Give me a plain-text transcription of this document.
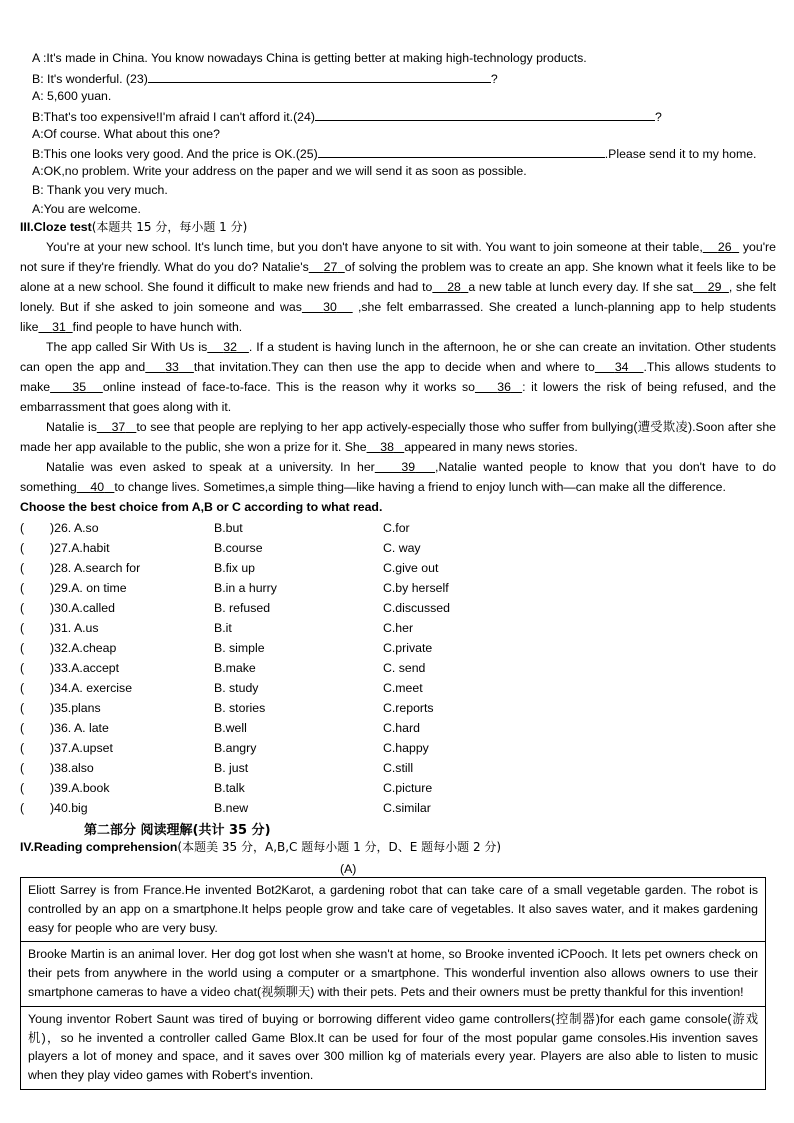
A :It's made in China. You know nowadays China is getting better at making high-technology products.
B: It's wonderful. (23)	?
A: 5,600 yuan.
B:That's too expensive!I'm afraid I can't afford it.(24)	?
A:Of course. What about this one?
B:This one looks very good. And the price is OK.(25)	.Please send it to my home.
A:OK,no problem. Write your address on the paper and we will send it as soon as possible.
B: Thank you very much.
A:You are welcome.
III.Cloze test(本题共 15 分，每小题 1 分)
You're at your new school. It's lunch time, but you don't have anyone to sit with. You want to join someone at their table, 26   you're not sure if they're friendly. What do you do? Natalie's 27 of solving the problem was to create an app. She known what it feels like to be alone at a new school. She found it difficult to make new friends and had to 28 a new table at lunch every day. If she sat 29 , she felt lonely. But if she asked to join someone and was 30    ,she felt embarrassed. She created a lunch-planning app to help students like 31 find people to have hunch with.
The app called Sir With Us is 32 . If a student is having lunch in the afternoon, he or she can create an invitation. Other students can open the app and 33 that invitation.They can then use the app to decide when and where to 34 .This allows students to make 35 online instead of face-to-face. This is the reason why it works so 36 : it lowers the risk of being refused, and the embarrassment that goes along with it.
Natalie is 37 to see that people are replying to her app actively-especially those who suffer from bullying(遭受欺凌).Soon after she made her app available to the public, she won a prize for it. She 38 appeared in many news stories.
Natalie was even asked to speak at a university. In her 39 ,Natalie wanted people to know that you don't have to do something 40 to change lives. Sometimes,a simple thing—like having a friend to enjoy lunch with—can make all the difference.
Choose the best choice from A,B or C according to what read.
( )26. A.so	B.but	C.for
( )27.A.habit	B.course	C. way
( )28. A.search for	B.fix up	C.give out
( )29.A. on time	B.in a hurry	C.by herself
( )30.A.called	B. refused	C.discussed
( )31. A.us	B.it	C.her
( )32.A.cheap	B. simple	C.private
( )33.A.accept	B.make	C. send
( )34.A. exercise	B. study	C.meet
( )35.plans	B. stories	C.reports
( )36. A. late	B.well	C.hard
( )37.A.upset	B.angry	C.happy
( )38.also	B. just	C.still
( )39.A.book	B.talk	C.picture
( )40.big	B.new	C.similar
第二部分 阅读理解(共计 35 分)
IV.Reading comprehension(本题美 35 分，A,B,C 题每小题 1 分，D、E 题每小题 2 分)
(A)
Eliott Sarrey is from France.He invented Bot2Karot, a gardening robot that can take care of a small vegetable garden. The robot is controlled by an app on a smartphone.It helps people grow and take care of vegetables. It also saves water, and it makes gardening easy for people who are very busy.
Brooke Martin is an animal lover. Her dog got lost when she wasn't at home, so Brooke invented iCPooch. It lets pet owners check on their pets from anywhere in the world using a computer or a smartphone. This wonderful invention also allows owners to use their smartphone cameras to have a video chat(视频聊天) with their pets. Pets and their owners must be pretty thankful for this invention!
Young inventor Robert Saunt was tired of buying or borrowing different video game controllers(控制器)for each game console(游戏机)，so he invented a controller called Game Blox.It can be used for four of the most popular game consoles.His invention saves players a lot of money and space, and it saves over 300 million kg of materials every year. Players are also able to listen to music when they play video games with Robert's invention.
